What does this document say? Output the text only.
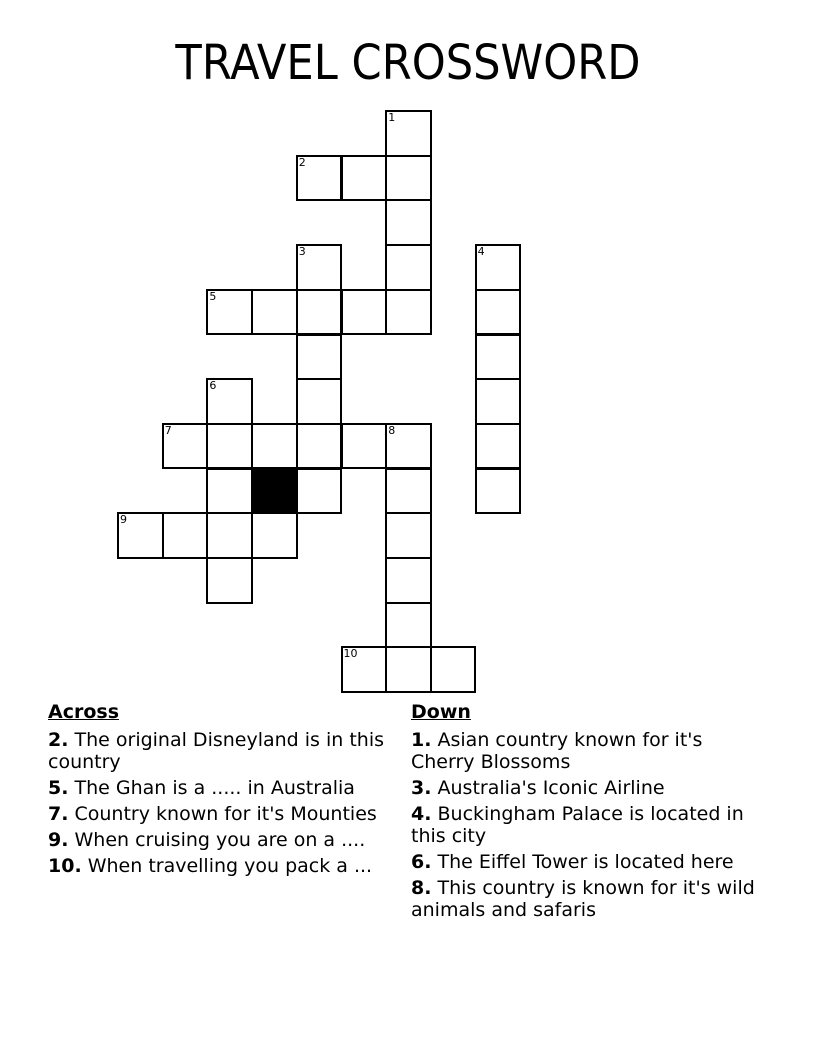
TRAVEL CROSSWORD
1
2
3	4
5
6
7	8
9
10
Across
2. The original Disneyland is in this country
5. The Ghan is a ..... in Australia
7. Country known for it's Mounties
9. When cruising you are on a ....
10. When travelling you pack a ...
Down
1. Asian country known for it's Cherry Blossoms
3. Australia's Iconic Airline
4. Buckingham Palace is located in this city
6. The Eiffel Tower is located here
8. This country is known for it's wild animals and safaris
